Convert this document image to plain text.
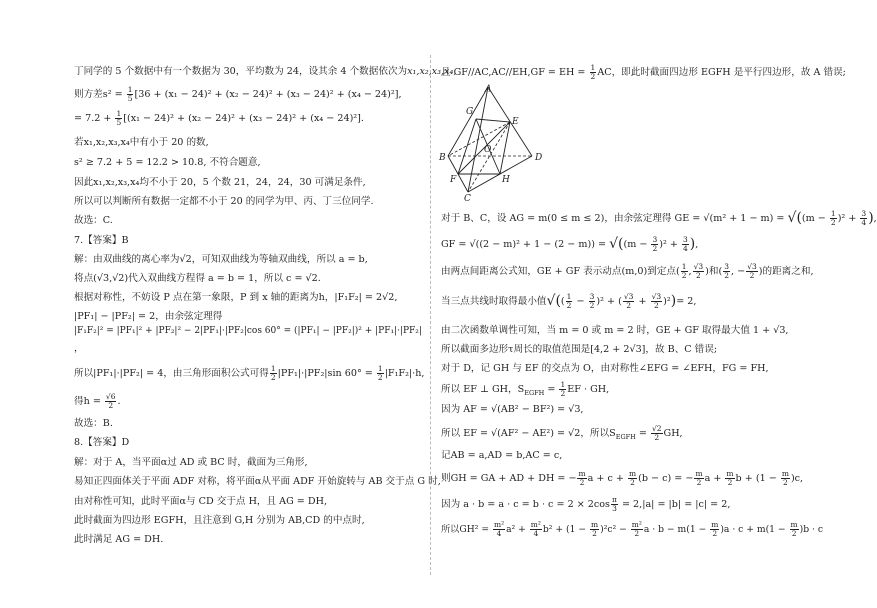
丁同学的 5 个数据中有一个数据为 30，平均数为 24，设其余 4 个数据依次为x₁,x₂,x₃,x₄,
则方差$s^2 = \frac{1}{5} [36 + (x_1 - 24)^2 + (x_2 - 24)^2 + (x_3 - 24)^2 + (x_4 - 24)^2]$,
= $7.2 + \frac{1}{5} [(x_1 - 24)^2 + (x_2 - 24)^2 + (x_3 - 24)^2 + (x_4 - 24)^2]$.
若x₁,x₂,x₃,x₄中有小于 20 的数,
s² ≥ 7.2 + 5 = 12.2 > 10.8, 不符合题意,
因此x₁,x₂,x₃,x₄均不小于 20，5 个数 21，24，24，30 可满足条件,
所以可以判断所有数据一定都不小于 20 的同学为甲、丙、丁三位同学.
故选：C.
7.【答案】B
解：由双曲线的离心率为√2，可知双曲线为等轴双曲线，所以 a = b,
将点(√3,√2)代入双曲线方程得 a = b = 1，所以 c = √2.
根据对称性，不妨设 P 点在第一象限，P 到 x 轴的距离为h，|F₁F₂| = 2√2,
|PF₁| − |PF₂| = 2，由余弦定理得
|F₁F₂|² = |PF₁|² + |PF₂|² − 2|PF₁|·|PF₂|cos 60° = (|PF₁| − |PF₂|)² + |PF₁|·|PF₂|
，
所以|PF₁|·|PF₂| = 4，由三角形面积公式可得 $\frac{1}{2} |PF_1|\cdot|PF_2|\sin$ $60^\circ = \frac{1}{2} |F_1F_2|\cdot h$,
得$h = \frac{√6}{2}$ .
故选：B.
8.【答案】D
解：对于 A，当平面α过 AD 或 BC 时，截面为三角形,
易知正四面体关于平面 ADF 对称，将平面α从平面 ADF 开始旋转与 AB 交于点 G 时,
由对称性可知，此时平面α与 CD 交于点 H，且 AG = DH,
此时截面为四边形 EGFH，且注意到 G,H 分别为 AB,CD 的中点时,
此时满足 AG = DH.
且 GF//AC,AC//EH,GF = EH = $\frac{1}{2}$ AC，即此时截面四边形 EGFH 是平行四边形，故 A 错误;
对于 B、C，设 AG = m(0 ≤ m ≤ 2)，由余弦定理得 GE = $√(m^2 + 1 - m) = √((m - \frac{1}{2} )^2 + \frac{3}{4}$ ),
GF = $√((2 - m)^2 + 1 - (2 - m)) = √((m - \frac{3}{2} )^2 + \frac{3}{4}$ ),
由两点间距离公式知，GE + GF 表示动点(m,0)到定点( $\frac{1}{2}$ , $\frac{√3}{2}$ )和( $\frac{3}{2}$ , − $\frac{√3}{2}$ )的距离之和,
当三点共线时取得最小值√(( $\frac{1}{2} - \frac{3}{2} )^2$ + ( $\frac{√3}{2} + \frac{√3}{2} )^2)= 2$,
由二次函数单调性可知，当 m = 0 或 m = 2 时，GE + GF 取得最大值 1 + √3,
所以截面多边形τ周长的取值范围是[4,2 + 2√3]，故 B、C 错误;
对于 D，记 GH 与 EF 的交点为 O，由对称性∠EFG = ∠EFH，FG = FH,
所以 EF ⊥ GH，$S_{EGFH} = \frac{1}{2}$ EF · GH,
因为 AF = √(AB² − BF²) = √3,
所以 EF = √(AF² − AE²) = √2，所以$S_{EGFH} = \frac{√2}{2}$ GH,
记AB = a,AD = b,AC = c,
则GH = GA + AD + DH = − $\frac{m}{2}$ $a + c + \frac{m}{2} (b - c)$ = − $\frac{m}{2}$ $a + \frac{m}{2}$ $b + (1 - \frac{m}{2} )c$,
因为 $a \cdot b = a \cdot c = b \cdot c = 2 \times 2\cos \frac{\pi}{3} = 2,|a| = |b| = |c| = 2$,
所以$GH^2 = \frac{\text{m²}}{4} a^2 + \frac{\text{m²}}{4} b^2 + (1 - \frac{m}{2} )^2c^2 - \frac{\text{m²}}{2}$ $a \cdot b - m(1 - \frac{m}{2} )a \cdot c + m(1 - \frac{m}{2} )b \cdot c$
A
G
E
O
B	D
F	H
C
